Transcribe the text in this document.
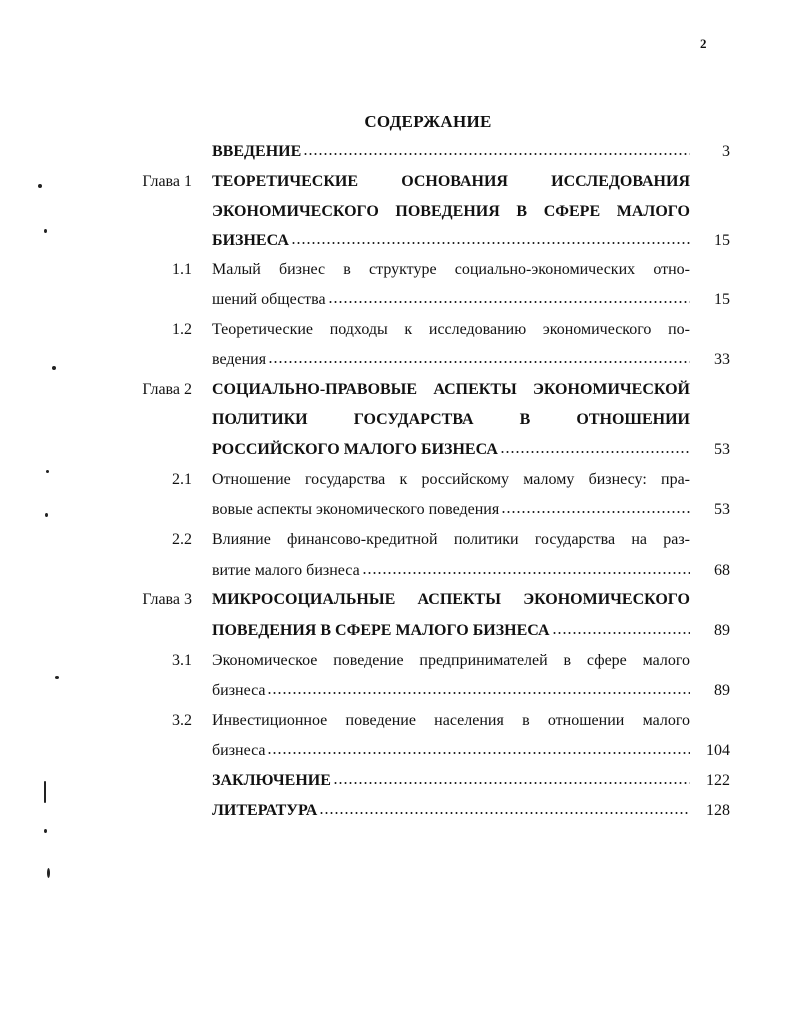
2
СОДЕРЖАНИЕ
3
ВВЕДЕНИЕ
Глава 1 ТЕОРЕТИЧЕСКИЕ ОСНОВАНИЯ ИССЛЕДОВАНИЯ
ЭКОНОМИЧЕСКОГО ПОВЕДЕНИЯ В СФЕРЕ МАЛОГО
15
БИЗНЕСА
1.1 Малый бизнес в структуре социально-экономических отно-
15
шений общества
1.2 Теоретические подходы к исследованию экономического по-
33
ведения
Глава 2 СОЦИАЛЬНО-ПРАВОВЫЕ АСПЕКТЫ ЭКОНОМИЧЕСКОЙ
ПОЛИТИКИ ГОСУДАРСТВА В ОТНОШЕНИИ
53
РОССИЙСКОГО МАЛОГО БИЗНЕСА
2.1 Отношение государства к российскому малому бизнесу: пра-
53
вовые аспекты экономического поведения
2.2 Влияние финансово-кредитной политики государства на раз-
68
витие малого бизнеса
Глава 3 МИКРОСОЦИАЛЬНЫЕ АСПЕКТЫ ЭКОНОМИЧЕСКОГО
89
ПОВЕДЕНИЯ В СФЕРЕ МАЛОГО БИЗНЕСА
3.1 Экономическое поведение предпринимателей в сфере малого
89
бизнеса
3.2 Инвестиционное поведение населения в отношении малого
104
бизнеса
122
ЗАКЛЮЧЕНИЕ
128
ЛИТЕРАТУРА
